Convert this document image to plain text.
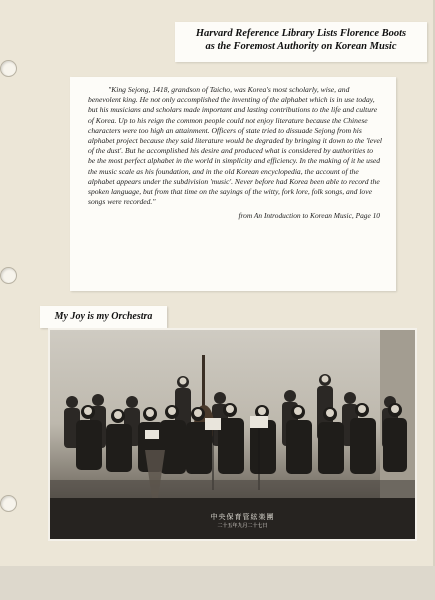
Harvard Reference Library Lists Florence Boots
as the Foremost Authority on Korean Music

"King Sejong, 1418, grandson of Taicho, was Korea's most scholarly, wise, and benevolent king. He not only accomplished the inventing of the alphabet which is in use today, but his musicians and scholars made important and lasting contributions to the life and culture of Korea. Up to his reign the common people could not enjoy literature because the Chinese characters were too high an attainment. Officers of state tried to dissuade Sejong from his alphabet project because they said literature would be degraded by bringing it down to the 'level of the dust'. But he accomplished his desire and produced what is considered by authorities to be the most perfect alphabet in the world in simplicity and efficiency. In the making of it he used the music scale as his foundation, and in the old Korean encyclopedia, the account of the alphabet appears under the subdivision 'music'. Never before had Korea been able to record the spoken language, but from that time on the sayings of the witty, fork lore, folk songs, and love songs were recorded."

from An Introduction to Korean Music, Page 10
My Joy is my Orchestra
中央保育管絃楽團
二十五年九月二十七日
